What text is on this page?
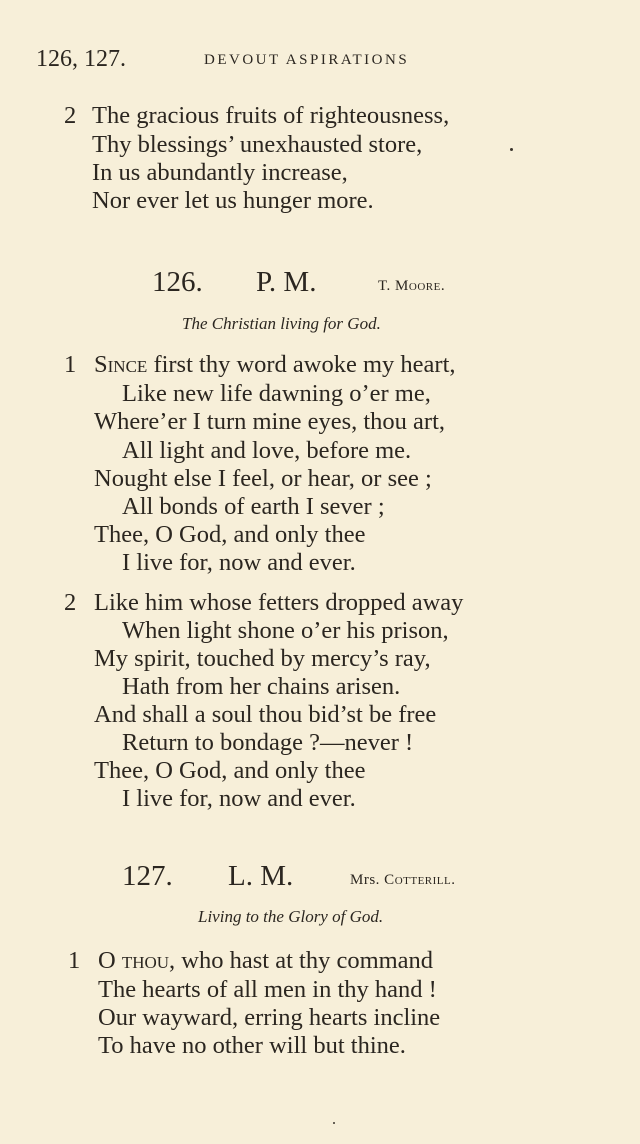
126, 127.	DEVOUT ASPIRATIONS
2 The gracious fruits of righteousness,
Thy blessings’ unexhausted store,
In us abundantly increase,
Nor ever let us hunger more.
126. P. M.	T. Moore.
The Christian living for God.
1 Since first thy word awoke my heart,
Like new life dawning o’er me,
Where’er I turn mine eyes, thou art,
All light and love, before me.
Nought else I feel, or hear, or see ;
All bonds of earth I sever ;
Thee, O God, and only thee
I live for, now and ever.
2 Like him whose fetters dropped away
When light shone o’er his prison,
My spirit, touched by mercy’s ray,
Hath from her chains arisen.
And shall a soul thou bid’st be free
Return to bondage ?—never !
Thee, O God, and only thee
I live for, now and ever.
127. L. M.	Mrs. Cotterill.
Living to the Glory of God.
1 O thou, who hast at thy command
The hearts of all men in thy hand !
Our wayward, erring hearts incline
To have no other will but thine.
